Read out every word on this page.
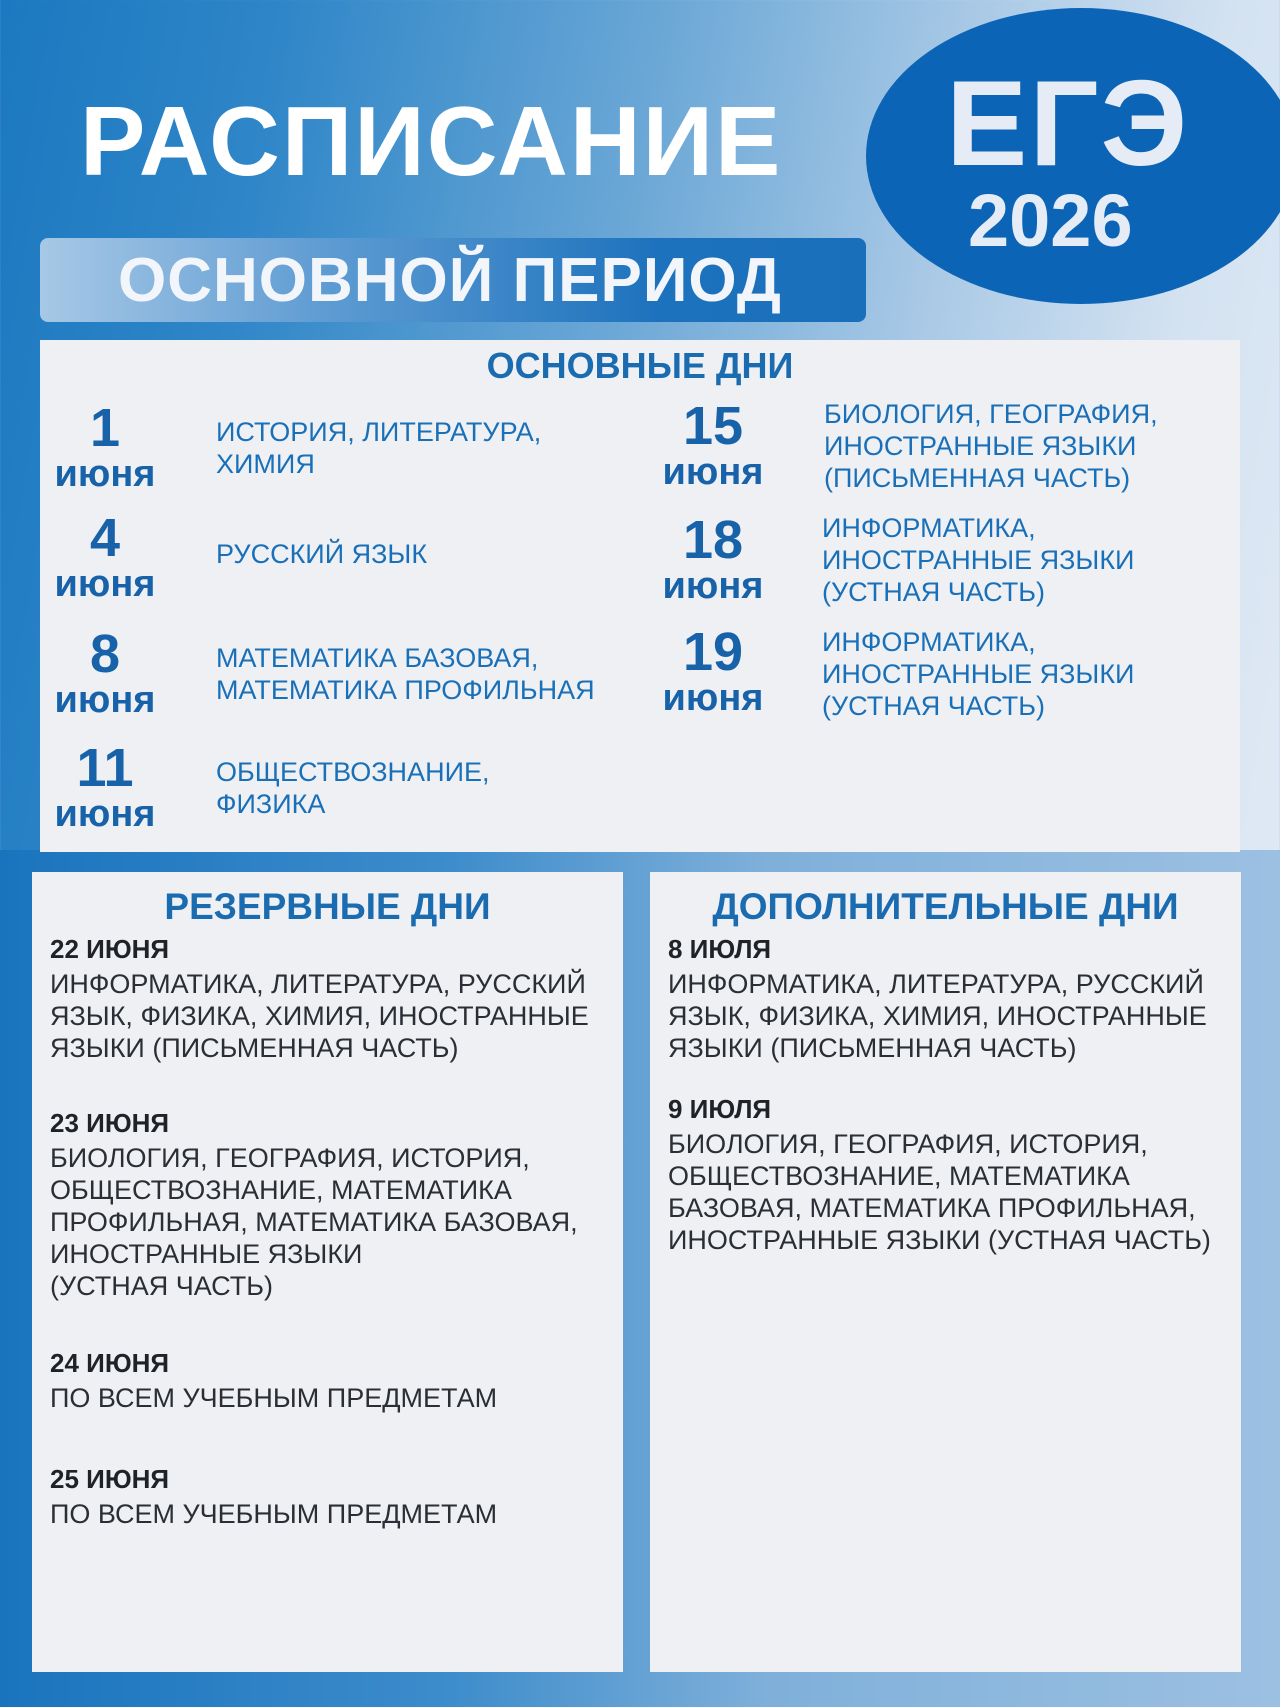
РАСПИСАНИЕ ЕГЭ
2026
ОСНОВНОЙ ПЕРИОД
ОСНОВНЫЕ ДНИ
1
июня
ИСТОРИЯ, ЛИТЕРАТУРА,
ХИМИЯ
4
июня
РУССКИЙ ЯЗЫК
8
июня
МАТЕМАТИКА БАЗОВАЯ,
МАТЕМАТИКА ПРОФИЛЬНАЯ
11
июня
ОБЩЕСТВОЗНАНИЕ,
ФИЗИКА
15
июня
БИОЛОГИЯ, ГЕОГРАФИЯ,
ИНОСТРАННЫЕ ЯЗЫКИ
(ПИСЬМЕННАЯ ЧАСТЬ)
18
июня
ИНФОРМАТИКА,
ИНОСТРАННЫЕ ЯЗЫКИ
(УСТНАЯ ЧАСТЬ)
19
июня
ИНФОРМАТИКА,
ИНОСТРАННЫЕ ЯЗЫКИ
(УСТНАЯ ЧАСТЬ)
РЕЗЕРВНЫЕ ДНИ
22 ИЮНЯ
ИНФОРМАТИКА, ЛИТЕРАТУРА, РУССКИЙ
ЯЗЫК, ФИЗИКА, ХИМИЯ, ИНОСТРАННЫЕ
ЯЗЫКИ (ПИСЬМЕННАЯ ЧАСТЬ)
23 ИЮНЯ
БИОЛОГИЯ, ГЕОГРАФИЯ, ИСТОРИЯ,
ОБЩЕСТВОЗНАНИЕ, МАТЕМАТИКА
ПРОФИЛЬНАЯ, МАТЕМАТИКА БАЗОВАЯ,
ИНОСТРАННЫЕ ЯЗЫКИ
(УСТНАЯ ЧАСТЬ)
24 ИЮНЯ
ПО ВСЕМ УЧЕБНЫМ ПРЕДМЕТАМ
25 ИЮНЯ
ПО ВСЕМ УЧЕБНЫМ ПРЕДМЕТАМ
ДОПОЛНИТЕЛЬНЫЕ ДНИ
8 ИЮЛЯ
ИНФОРМАТИКА, ЛИТЕРАТУРА, РУССКИЙ
ЯЗЫК, ФИЗИКА, ХИМИЯ, ИНОСТРАННЫЕ
ЯЗЫКИ (ПИСЬМЕННАЯ ЧАСТЬ)
9 ИЮЛЯ
БИОЛОГИЯ, ГЕОГРАФИЯ, ИСТОРИЯ,
ОБЩЕСТВОЗНАНИЕ, МАТЕМАТИКА
БАЗОВАЯ, МАТЕМАТИКА ПРОФИЛЬНАЯ,
ИНОСТРАННЫЕ ЯЗЫКИ (УСТНАЯ ЧАСТЬ)
